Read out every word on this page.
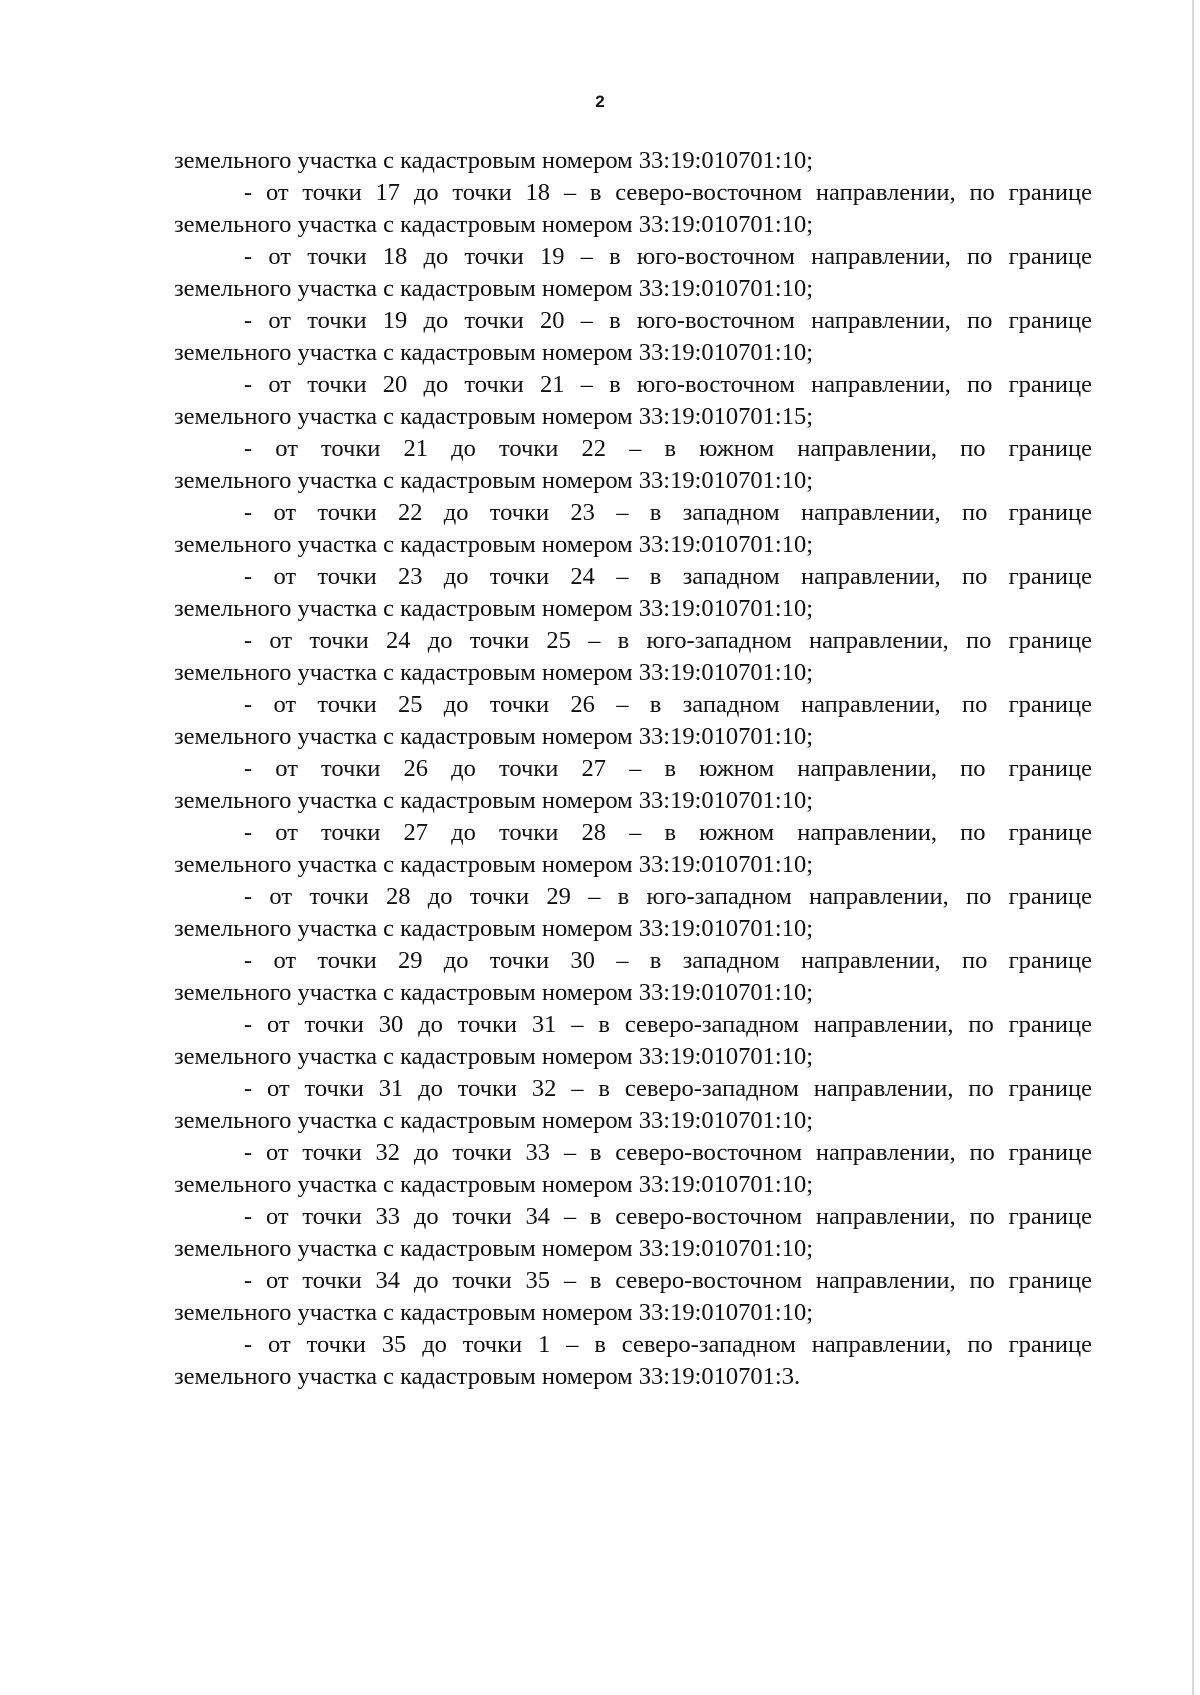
2
земельного участка с кадастровым номером 33:19:010701:10;
- от точки 17 до точки 18 – в северо-восточном направлении, по границе
земельного участка с кадастровым номером 33:19:010701:10;
- от точки 18 до точки 19 – в юго-восточном направлении, по границе
земельного участка с кадастровым номером 33:19:010701:10;
- от точки 19 до точки 20 – в юго-восточном направлении, по границе
земельного участка с кадастровым номером 33:19:010701:10;
- от точки 20 до точки 21 – в юго-восточном направлении, по границе
земельного участка с кадастровым номером 33:19:010701:15;
- от точки 21 до точки 22 – в южном направлении, по границе
земельного участка с кадастровым номером 33:19:010701:10;
- от точки 22 до точки 23 – в западном направлении, по границе
земельного участка с кадастровым номером 33:19:010701:10;
- от точки 23 до точки 24 – в западном направлении, по границе
земельного участка с кадастровым номером 33:19:010701:10;
- от точки 24 до точки 25 – в юго-западном направлении, по границе
земельного участка с кадастровым номером 33:19:010701:10;
- от точки 25 до точки 26 – в западном направлении, по границе
земельного участка с кадастровым номером 33:19:010701:10;
- от точки 26 до точки 27 – в южном направлении, по границе
земельного участка с кадастровым номером 33:19:010701:10;
- от точки 27 до точки 28 – в южном направлении, по границе
земельного участка с кадастровым номером 33:19:010701:10;
- от точки 28 до точки 29 – в юго-западном направлении, по границе
земельного участка с кадастровым номером 33:19:010701:10;
- от точки 29 до точки 30 – в западном направлении, по границе
земельного участка с кадастровым номером 33:19:010701:10;
- от точки 30 до точки 31 – в северо-западном направлении, по границе
земельного участка с кадастровым номером 33:19:010701:10;
- от точки 31 до точки 32 – в северо-западном направлении, по границе
земельного участка с кадастровым номером 33:19:010701:10;
- от точки 32 до точки 33 – в северо-восточном направлении, по границе
земельного участка с кадастровым номером 33:19:010701:10;
- от точки 33 до точки 34 – в северо-восточном направлении, по границе
земельного участка с кадастровым номером 33:19:010701:10;
- от точки 34 до точки 35 – в северо-восточном направлении, по границе
земельного участка с кадастровым номером 33:19:010701:10;
- от точки 35 до точки 1 – в северо-западном направлении, по границе
земельного участка с кадастровым номером 33:19:010701:3.
